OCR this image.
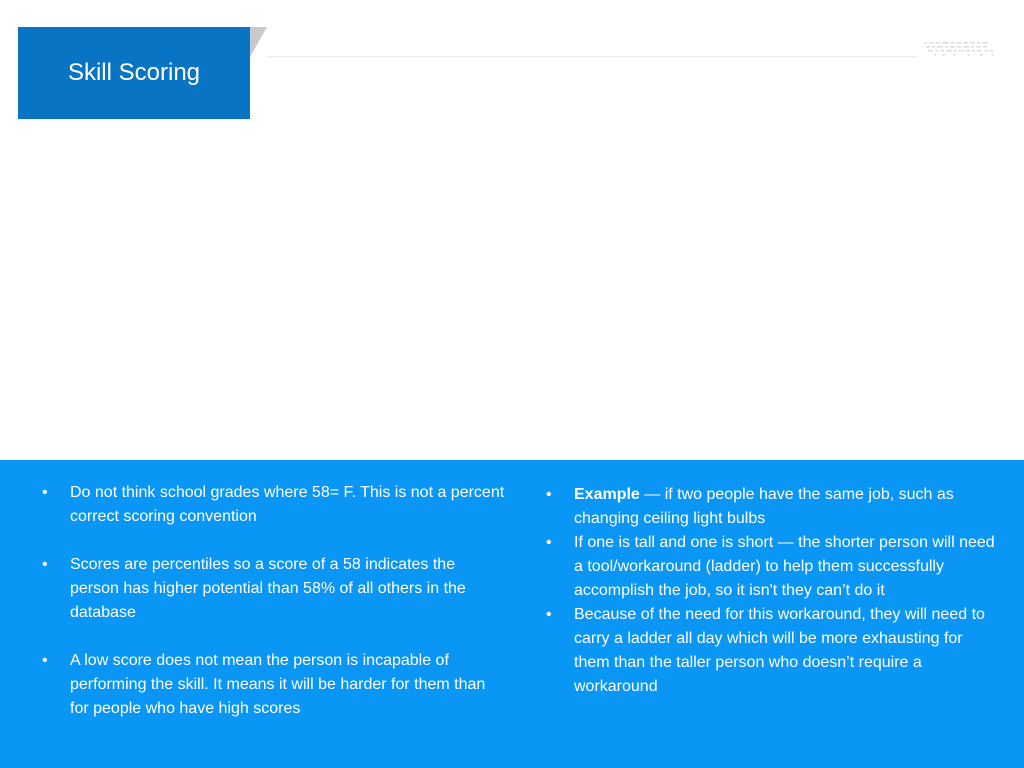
Skill Scoring
• Do not think school grades where 58= F. This is not a percent correct scoring convention
• Scores are percentiles so a score of a 58 indicates the person has higher potential than 58% of all others in the database
• A low score does not mean the person is incapable of performing the skill. It means it will be harder for them than for people who have high scores
• Example — if two people have the same job, such as changing ceiling light bulbs
• If one is tall and one is short — the shorter person will need a tool/workaround (ladder) to help them successfully accomplish the job, so it isn't they can’t do it
• Because of the need for this workaround, they will need to carry a ladder all day which will be more exhausting for them than the taller person who doesn’t require a workaround
